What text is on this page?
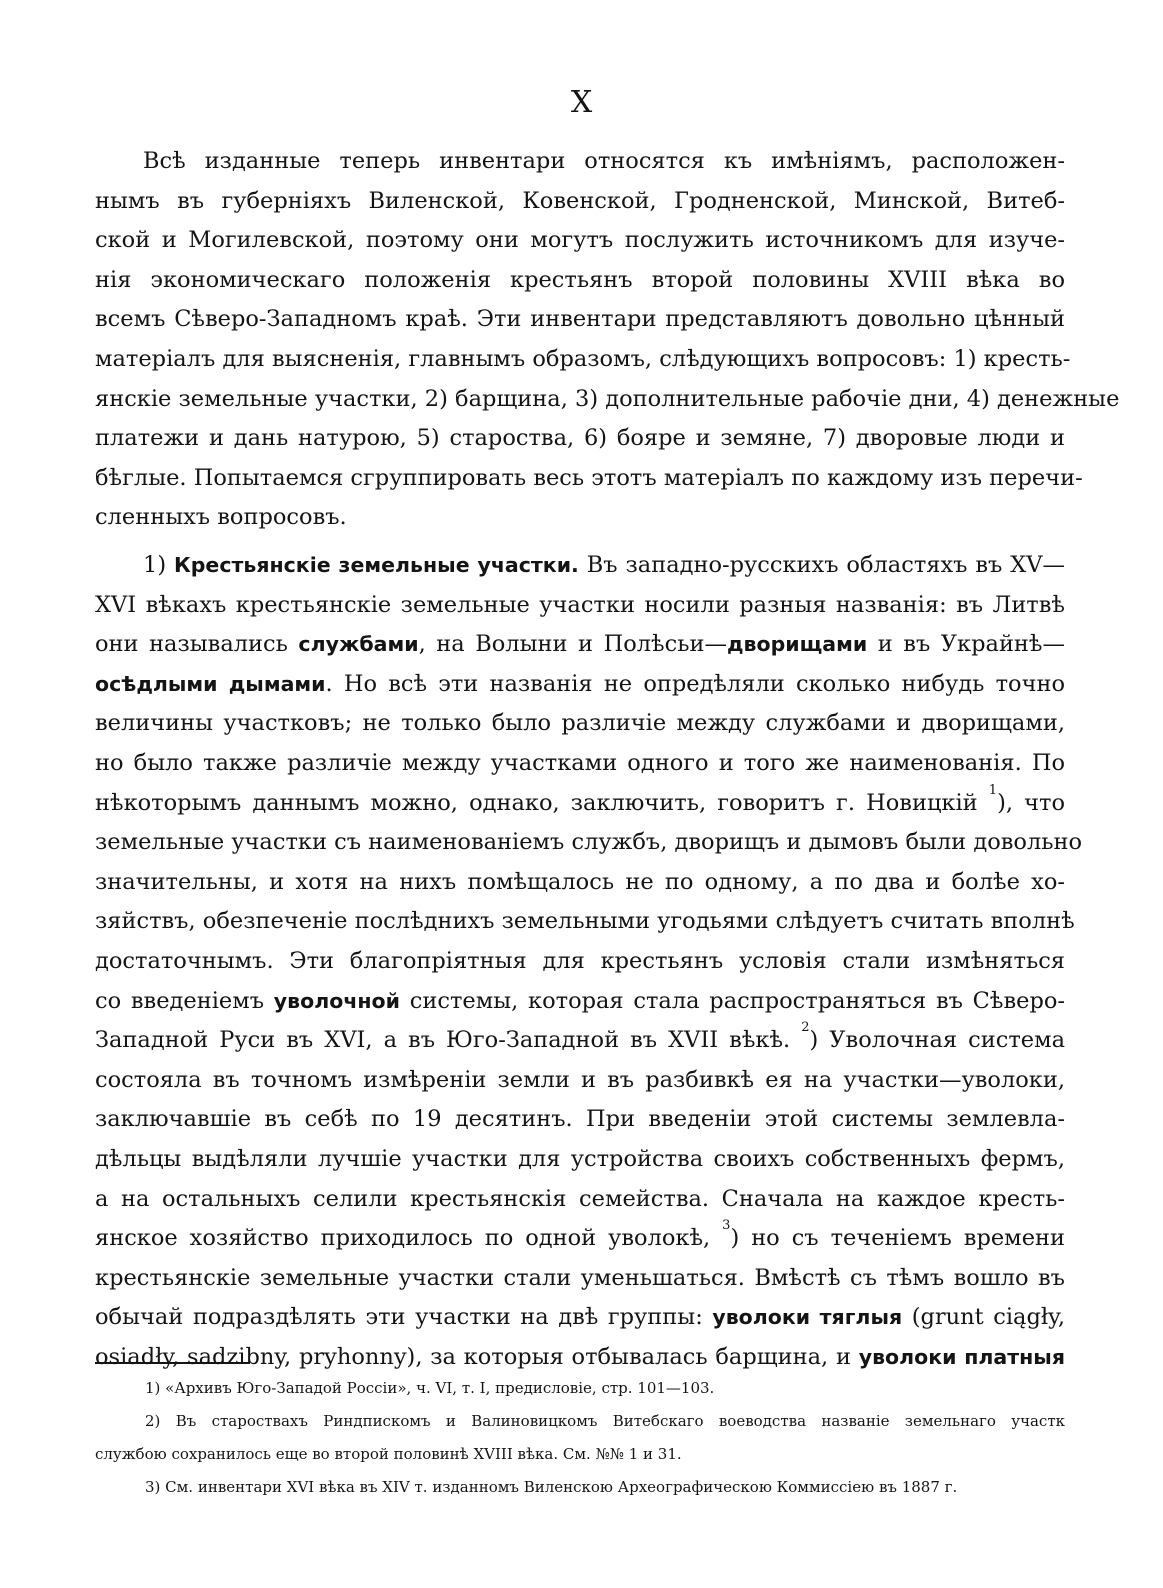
X
Всѣ изданные теперь инвентари относятся къ имѣніямъ, расположен-
нымъ въ губерніяхъ Виленской, Ковенской, Гродненской, Минской, Витеб-
ской и Могилевской, поэтому они могутъ послужить источникомъ для изуче-
нія экономическаго положенія крестьянъ второй половины XVIII вѣка во
всемъ Сѣверо-Западномъ краѣ. Эти инвентари представляютъ довольно цѣнный
матеріалъ для выясненія, главнымъ образомъ, слѣдующихъ вопросовъ: 1) кресть-
янскіе земельные участки, 2) барщина, 3) дополнительные рабочіе дни, 4) денежные
платежи и дань натурою, 5) староства, 6) бояре и земяне, 7) дворовые люди и
бѣглые. Попытаемся сгруппировать весь этотъ матеріалъ по каждому изъ перечи-
сленныхъ вопросовъ.
1) Крестьянскіе земельные участки. Въ западно-русскихъ областяхъ въ XV—
XVI вѣкахъ крестьянскіе земельные участки носили разныя названія: въ Литвѣ
они назывались службами, на Волыни и Полѣсьи—дворищами и въ Украйнѣ—
осѣдлыми дымами. Но всѣ эти названія не опредѣляли сколько нибудь точно
величины участковъ; не только было различіе между службами и дворищами,
но было также различіе между участками одного и того же наименованія. По
нѣкоторымъ даннымъ можно, однако, заключить, говоритъ г. Новицкій $^1$), что
земельные участки съ наименованіемъ службъ, дворищъ и дымовъ были довольно
значительны, и хотя на нихъ помѣщалось не по одному, а по два и болѣе хо-
зяйствъ, обезпеченіе послѣднихъ земельными угодьями слѣдуетъ считать вполнѣ
достаточнымъ. Эти благопріятныя для крестьянъ условія стали измѣняться
со введеніемъ уволочной системы, которая стала распространяться въ Сѣверо-
Западной Руси въ XVI, а въ Юго-Западной въ XVII вѣкѣ. $^2$) Уволочная система
состояла въ точномъ измѣреніи земли и въ разбивкѣ ея на участки—уволоки,
заключавшіе въ себѣ по 19 десятинъ. При введеніи этой системы землевла-
дѣльцы выдѣляли лучшіе участки для устройства своихъ собственныхъ фермъ,
а на остальныхъ селили крестьянскія семейства. Сначала на каждое кресть-
янское хозяйство приходилось по одной уволокѣ, $^3$) но съ теченіемъ времени
крестьянскіе земельные участки стали уменьшаться. Вмѣстѣ съ тѣмъ вошло въ
обычай подраздѣлять эти участки на двѣ группы: уволоки тяглыя (grunt ciągły,
osiadły, sadzibny, pryhonny), за которыя отбывалась барщина, и уволоки платныя
1) «Архивъ Юго-Западой Россіи», ч. VI, т. I, предисловіе, стр. 101—103.
2) Въ староствахъ Риндпискомъ и Валиновицкомъ Витебскаго воеводства названіе земельнаго участк
службою сохранилось еще во второй половинѣ XVIII вѣка. См. №№ 1 и 31.
3) См. инвентари XVI вѣка въ XIV т. изданномъ Виленскою Археографическою Коммиссіею въ 1887 г.
